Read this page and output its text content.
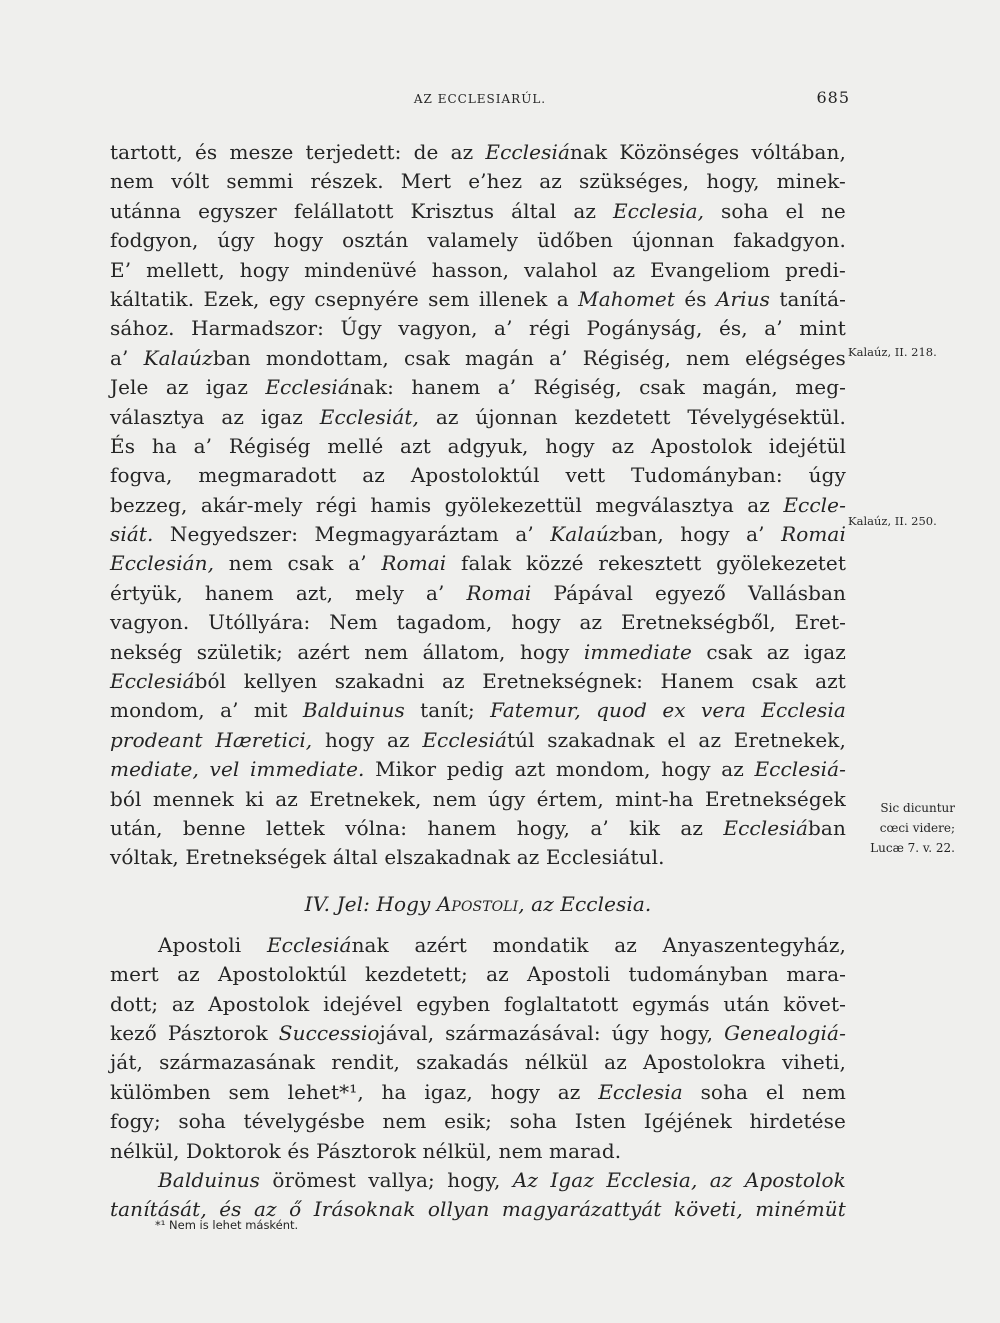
AZ ECCLESIARÚL.	685
tartott, és mesze terjedett: de az Ecclesiának Közönséges vóltában,
nem vólt semmi részek. Mert e’hez az szükséges, hogy, minek-
utánna egyszer felállatott Krisztus által az Ecclesia, soha el ne
fodgyon, úgy hogy osztán valamely üdőben újonnan fakadgyon.
E’ mellett, hogy mindenüvé hasson, valahol az Evangeliom predi-
káltatik. Ezek, egy csepnyére sem illenek a Mahomet és Arius tanítá-
sához. Harmadszor: Úgy vagyon, a’ régi Pogányság, és, a’ mint
a’ Kalaúzban mondottam, csak magán a’ Régiség, nem elégséges
Jele az igaz Ecclesiának: hanem a’ Régiség, csak magán, meg-
választya az igaz Ecclesiát, az újonnan kezdetett Tévelygésektül.
És ha a’ Régiség mellé azt adgyuk, hogy az Apostolok idejétül
fogva, megmaradott az Apostoloktúl vett Tudományban: úgy
bezzeg, akár-mely régi hamis gyölekezettül megválasztya az Eccle-
siát. Negyedszer: Megmagyaráztam a’ Kalaúzban, hogy a’ Romai
Ecclesián, nem csak a’ Romai falak közzé rekesztett gyölekezetet
értyük, hanem azt, mely a’ Romai Pápával egyező Vallásban
vagyon. Utóllyára: Nem tagadom, hogy az Eretnekségből, Eret-
nekség születik; azért nem állatom, hogy immediate csak az igaz
Ecclesiából kellyen szakadni az Eretnekségnek: Hanem csak azt
mondom, a’ mit Balduinus tanít; Fatemur, quod ex vera Ecclesia
prodeant Hæretici, hogy az Ecclesiátúl szakadnak el az Eretnekek,
mediate, vel immediate. Mikor pedig azt mondom, hogy az Ecclesiá-
ból mennek ki az Eretnekek, nem úgy értem, mint-ha Eretnekségek
után, benne lettek vólna: hanem hogy, a’ kik az Ecclesiában
vóltak, Eretnekségek által elszakadnak az Ecclesiátul.
IV. Jel: Hogy Apostoli, az Ecclesia.
Apostoli Ecclesiának azért mondatik az Anyaszentegyház,
mert az Apostoloktúl kezdetett; az Apostoli tudományban mara-
dott; az Apostolok idejével egyben foglaltatott egymás után követ-
kező Pásztorok Successiojával, származásával: úgy hogy, Genealogiá-
ját, származasának rendit, szakadás nélkül az Apostolokra viheti,
külömben sem lehet*¹, ha igaz, hogy az Ecclesia soha el nem
fogy; soha tévelygésbe nem esik; soha Isten Igéjének hirdetése
nélkül, Doktorok és Pásztorok nélkül, nem marad.
Balduinus örömest vallya; hogy, Az Igaz Ecclesia, az Apostolok
tanítását, és az ő Irásoknak ollyan magyarázattyát követi, minémüt
Kalaúz, II. 218.
Kalaúz, II. 250.
Sic dicuntur
cœci videre;
Lucæ 7. v. 22.
*¹ Nem is lehet másként.
